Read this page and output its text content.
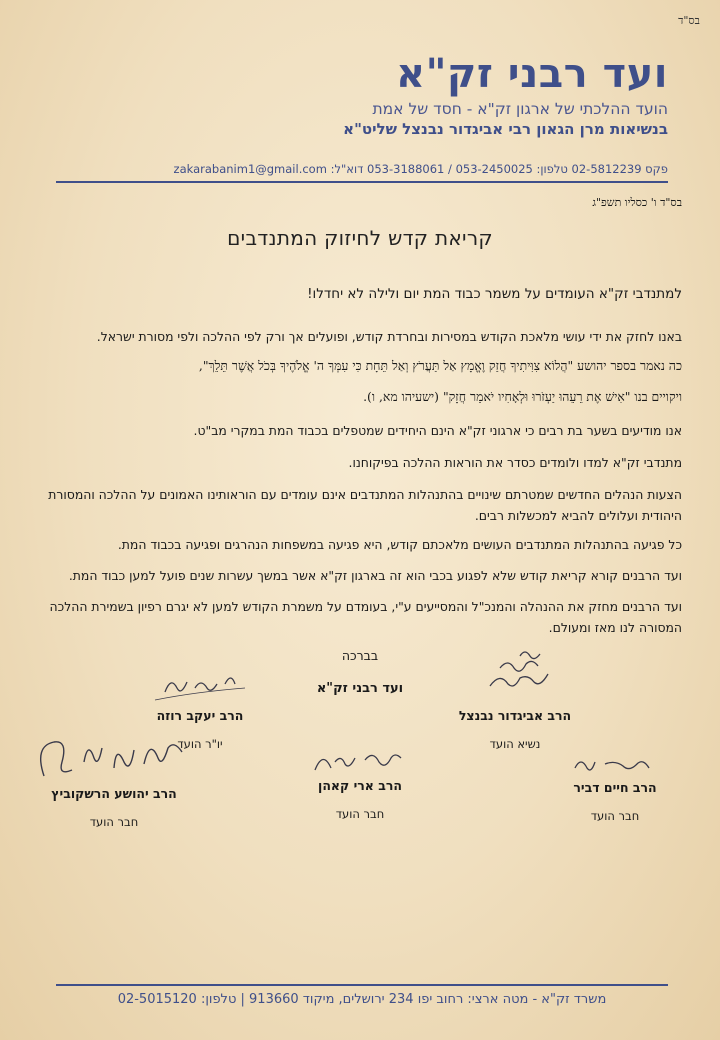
בס"ד
ועד רבני זק"א
הועד ההלכתי של ארגון זק"א - חסד של אמת
בנשיאות מרן הגאון רבי אביגדור נבנצל שליט"א
פקס 02-5812239 טלפון: 053-2450025 / 053-3188061 דוא"ל: zakarabanim1@gmail.com
בס"ד ו' כסליו תשפ"ג
קריאת קדש לחיזוק המתנדבים
למתנדבי זק"א העומדים על משמר כבוד המת יום ולילה לא יחדלו!
באנו לחזק את ידי עושי מלאכת הקודש במסירות ובחרדת קודש, ופועלים אך ורק לפי ההלכה ולפי מסורת ישראל.
כה נאמר בספר יהושע "הֲלוֹא צִוִּיתִיךָ חֲזַק וֶאֱמָץ אַל תַּעֲרֹץ וְאַל תֵּחָת כִּי עִמְּךָ ה' אֱלֹהֶיךָ בְּכֹל אֲשֶׁר תֵּלֵךְ",
ויקויים בנו "אִישׁ אֶת רֵעֵהוּ יַעְזֹרוּ וּלְאָחִיו יֹאמַר חֲזָק" (ישעיהו מא, ו).
אנו מודיעים בשער בת רבים כי ארגוני זק"א הינם היחידים שמטפלים בכבוד המת במקרי מב"ט.
מתנדבי זק"א למדו ולומדים כסדר את הוראות ההלכה בפיקוחנו.
הצעות הנהלים החדשים שמטרתם שינויים בהתנהלות המתנדבים אינם עומדים עם הוראותינו האמונים על ההלכה והמסורת היהודית ועלולים להביא למכשלות רבים.
כל פגיעה בהתנהלות המתנדבים העושים מלאכתם קודש, היא פגיעה במשפחות הנהרגים ופגיעה בכבוד המת.
ועד הרבנים קורא קריאת קודש שלא לפגוע בכבי הוא זה בארגון זק"א אשר במשך עשרות שנים פועל למען כבוד המת.
ועד הרבנים מחזק את ההנהלה והמנכ"ל והמסייעים ע"י, בעומדם על משמרת הקודש למען לא יגרם רפיון בשמירת ההלכה המסורה לנו מאז ומעולם.
בברכה
ועד רבני זק"א
הרב אביגדור נבנצל
נשיא הועד
הרב יעקב רוזה
יו"ר הועד
הרב חיים דביר
חבר הועד
הרב ארי קאהן
חבר הועד
הרב יהושע הרשקוביץ
חבר הועד
משרד זק"א - מטה ארצי: רחוב יפו 234 ירושלים, מיקוד 913660 | טלפון: 02-5015120
